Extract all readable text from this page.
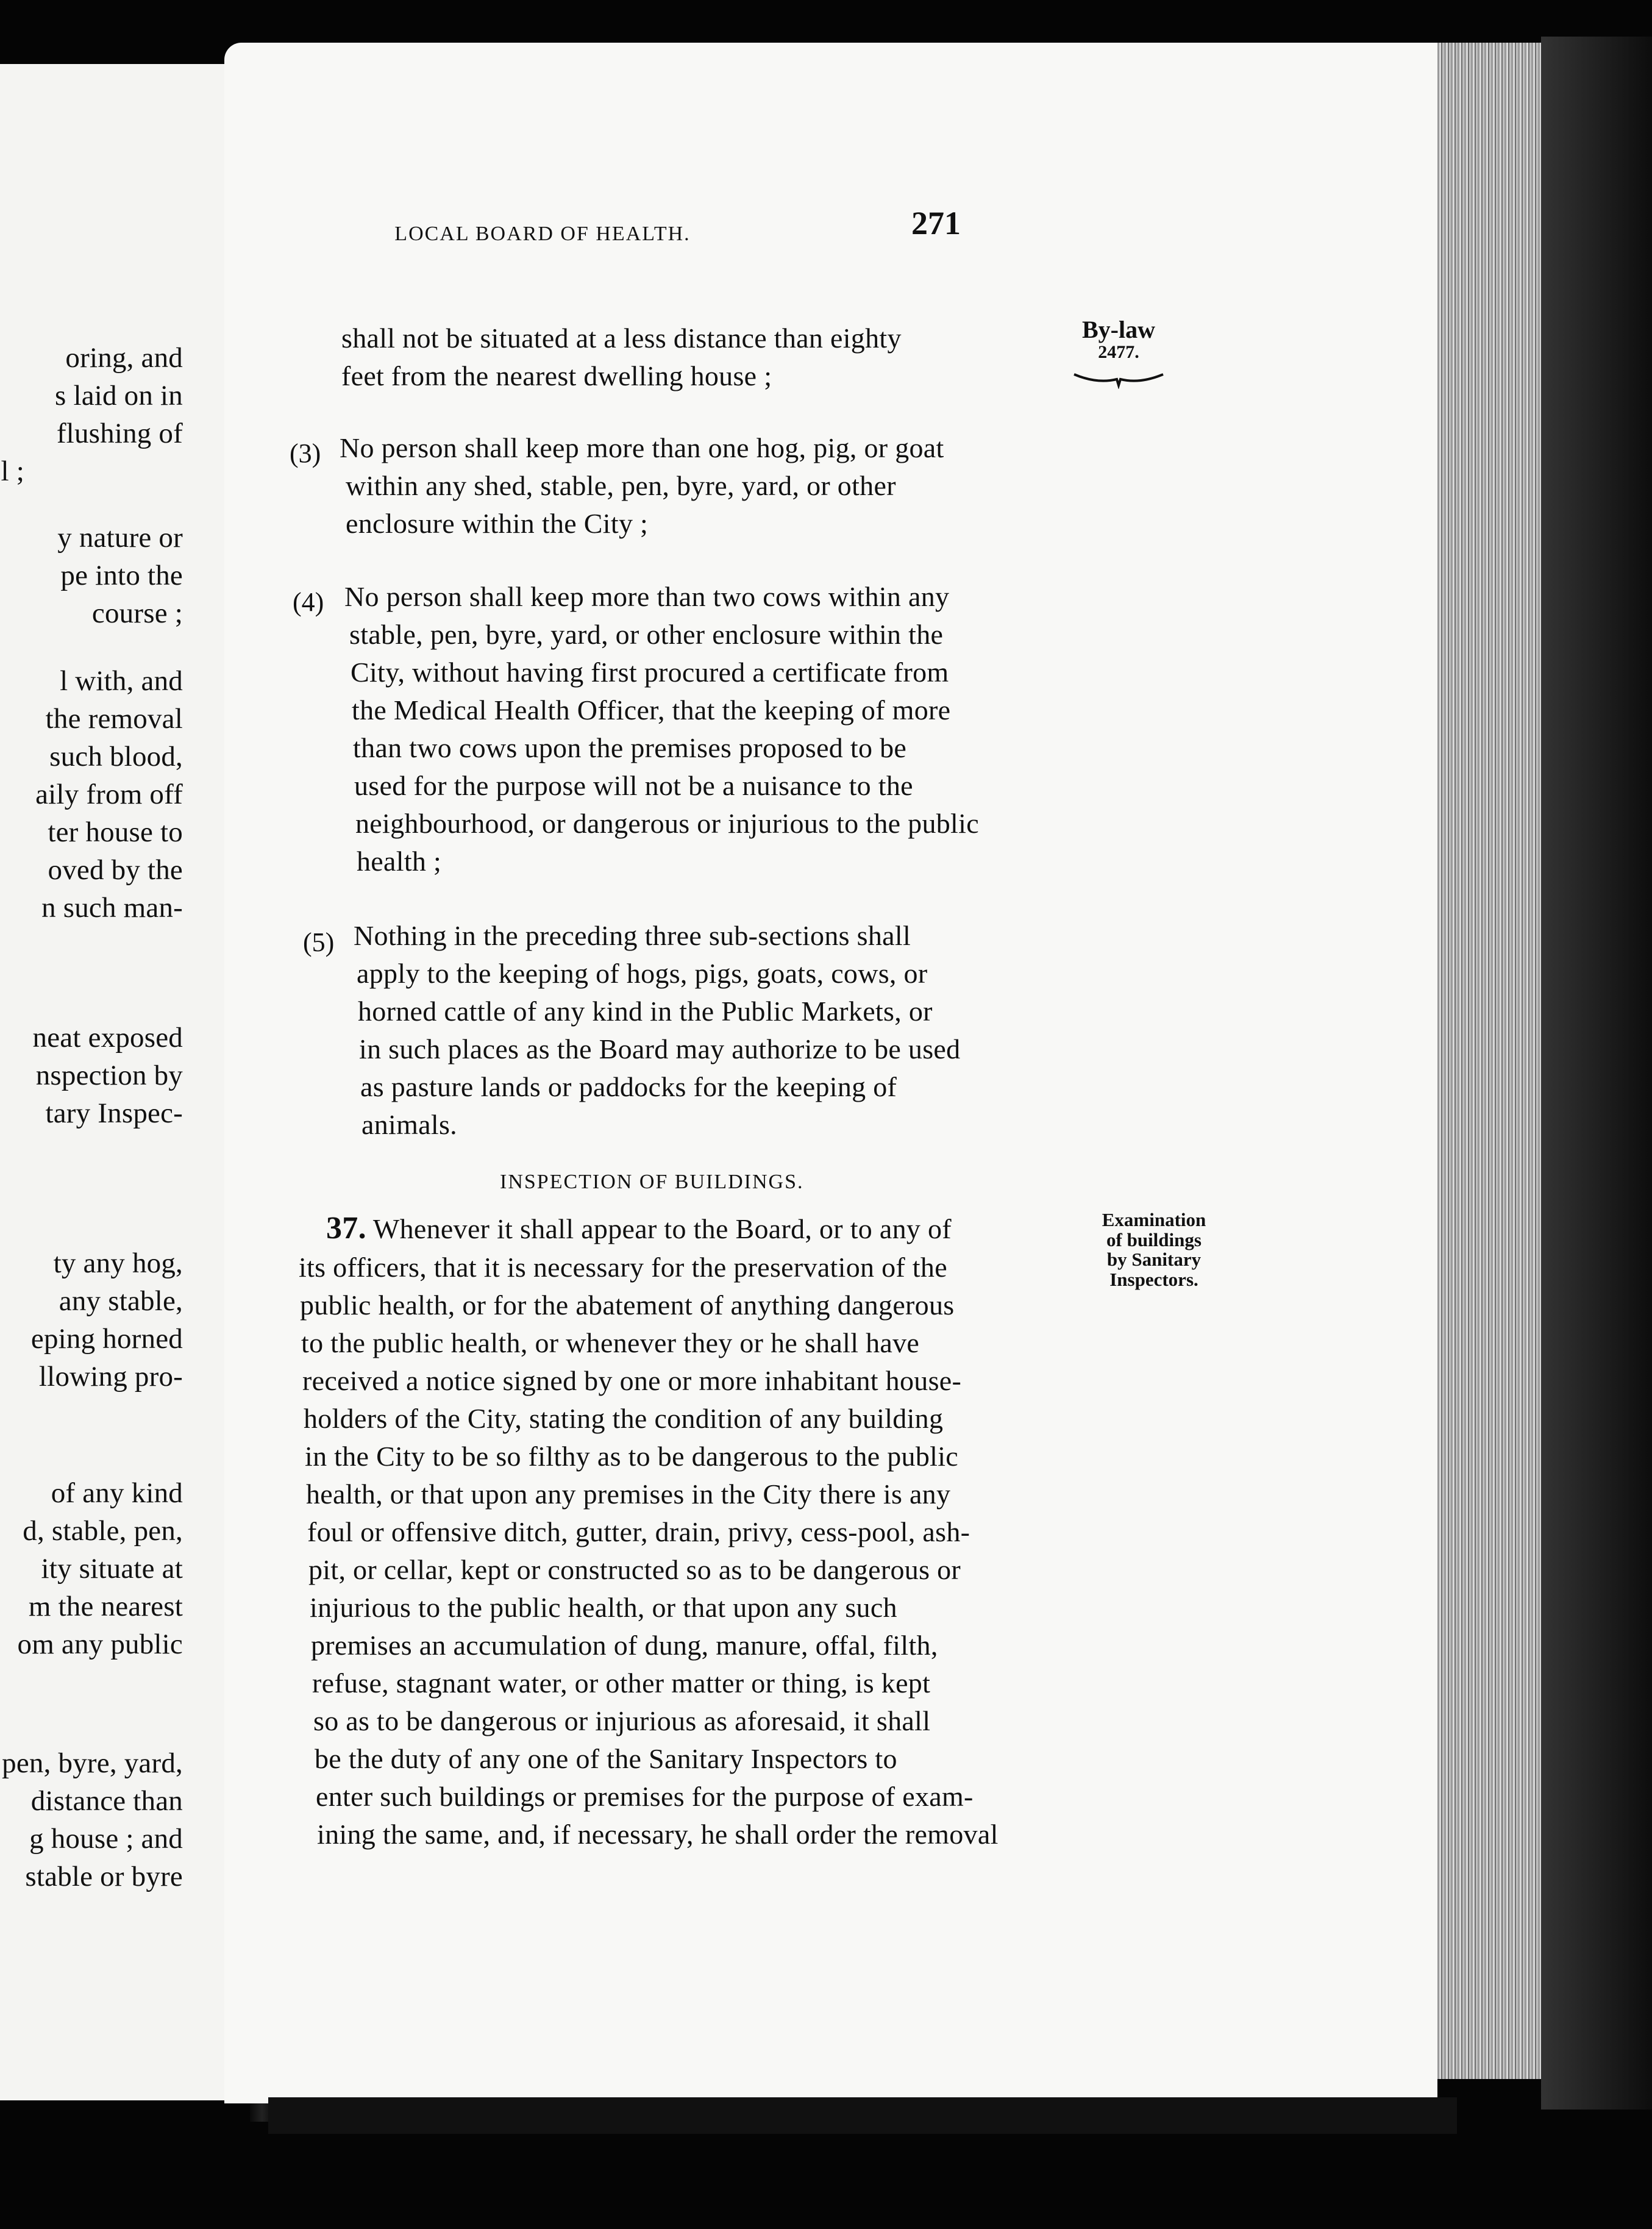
oring, and
s laid on in
flushing of
l ;
y nature or
pe into the
course ;
l with, and
the removal
such blood,
aily from off
ter house to
oved by the
n such man-
neat exposed
nspection by
tary Inspec-
ty any hog,
any stable,
eping horned
llowing pro-
of any kind
d, stable, pen,
ity situate at
m the nearest
om any public
pen, byre, yard,
distance than
g house ; and
stable or byre
LOCAL BOARD OF HEALTH.	271
By-law
2477.
shall not be situated at a less distance than eighty
feet from the nearest dwelling house ;
(3) No person shall keep more than one hog, pig, or goat
within any shed, stable, pen, byre, yard, or other
enclosure within the City ;
(4) No person shall keep more than two cows within any
stable, pen, byre, yard, or other enclosure within the
City, without having first procured a certificate from
the Medical Health Officer, that the keeping of more
than two cows upon the premises proposed to be
used for the purpose will not be a nuisance to the
neighbourhood, or dangerous or injurious to the public
health ;
(5) Nothing in the preceding three sub-sections shall
apply to the keeping of hogs, pigs, goats, cows, or
horned cattle of any kind in the Public Markets, or
in such places as the Board may authorize to be used
as pasture lands or paddocks for the keeping of
animals.
INSPECTION OF BUILDINGS.
Examination
of buildings
by Sanitary
Inspectors.
37. Whenever it shall appear to the Board, or to any of
its officers, that it is necessary for the preservation of the
public health, or for the abatement of anything dangerous
to the public health, or whenever they or he shall have
received a notice signed by one or more inhabitant house-
holders of the City, stating the condition of any building
in the City to be so filthy as to be dangerous to the public
health, or that upon any premises in the City there is any
foul or offensive ditch, gutter, drain, privy, cess-pool, ash-
pit, or cellar, kept or constructed so as to be dangerous or
injurious to the public health, or that upon any such
premises an accumulation of dung, manure, offal, filth,
refuse, stagnant water, or other matter or thing, is kept
so as to be dangerous or injurious as aforesaid, it shall
be the duty of any one of the Sanitary Inspectors to
enter such buildings or premises for the purpose of exam-
ining the same, and, if necessary, he shall order the removal
